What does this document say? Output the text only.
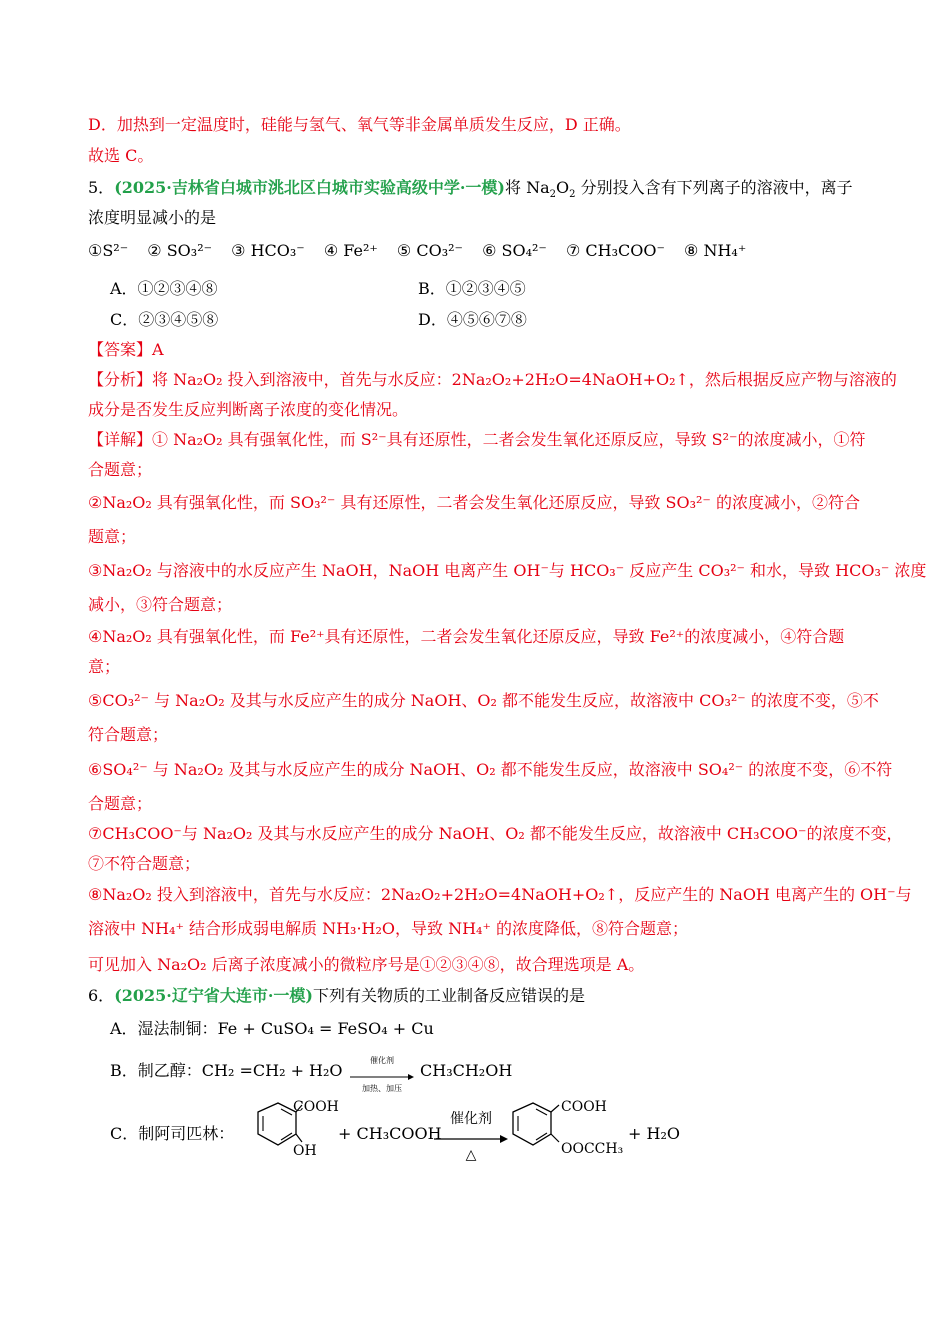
D．加热到一定温度时，硅能与氢气、氧气等非金属单质发生反应，D 正确。
故选 C。
5．(2025·吉林省白城市洮北区白城市实验高级中学·一模)将 $Na_2O_2$ 分别投入含有下列离子的溶液中，离子
浓度明显减小的是
①S²⁻ ② SO₃²⁻ ③ HCO₃⁻ ④ Fe²⁺ ⑤ CO₃²⁻ ⑥ SO₄²⁻ ⑦ CH₃COO⁻ ⑧ NH₄⁺
A．①②③④⑧	B．①②③④⑤
C．②③④⑤⑧	D．④⑤⑥⑦⑧
【答案】A
【分析】将 Na₂O₂ 投入到溶液中，首先与水反应：2Na₂O₂+2H₂O=4NaOH+O₂↑，然后根据反应产物与溶液的
成分是否发生反应判断离子浓度的变化情况。
【详解】① Na₂O₂ 具有强氧化性，而 S²⁻具有还原性，二者会发生氧化还原反应，导致 S²⁻的浓度减小，①符
合题意；
②Na₂O₂ 具有强氧化性，而 SO₃²⁻ 具有还原性，二者会发生氧化还原反应，导致 SO₃²⁻ 的浓度减小，②符合
题意；
③Na₂O₂ 与溶液中的水反应产生 NaOH，NaOH 电离产生 OH⁻与 HCO₃⁻ 反应产生 CO₃²⁻ 和水，导致 HCO₃⁻ 浓度
减小，③符合题意；
④Na₂O₂ 具有强氧化性，而 Fe²⁺具有还原性，二者会发生氧化还原反应，导致 Fe²⁺的浓度减小，④符合题
意；
⑤CO₃²⁻ 与 Na₂O₂ 及其与水反应产生的成分 NaOH、O₂ 都不能发生反应，故溶液中 CO₃²⁻ 的浓度不变，⑤不
符合题意；
⑥SO₄²⁻ 与 Na₂O₂ 及其与水反应产生的成分 NaOH、O₂ 都不能发生反应，故溶液中 SO₄²⁻ 的浓度不变，⑥不符
合题意；
⑦CH₃COO⁻与 Na₂O₂ 及其与水反应产生的成分 NaOH、O₂ 都不能发生反应，故溶液中 CH₃COO⁻的浓度不变，
⑦不符合题意；
⑧Na₂O₂ 投入到溶液中，首先与水反应：2Na₂O₂+2H₂O=4NaOH+O₂↑，反应产生的 NaOH 电离产生的 OH⁻与
溶液中 NH₄⁺ 结合形成弱电解质 NH₃·H₂O，导致 NH₄⁺ 的浓度降低，⑧符合题意；
可见加入 Na₂O₂ 后离子浓度减小的微粒序号是①②③④⑧，故合理选项是 A。
6．(2025·辽宁省大连市·一模)下列有关物质的工业制备反应错误的是
A．湿法制铜：Fe + CuSO₄ = FeSO₄ + Cu
B．制乙醇：CH₂ =CH₂ + H₂O
催化剂
加热、加压
CH₃CH₂OH
C．制阿司匹林：
COOH
OH
+ CH₃COOH
催化剂
△
COOH
OOCCH₃
+ H₂O
